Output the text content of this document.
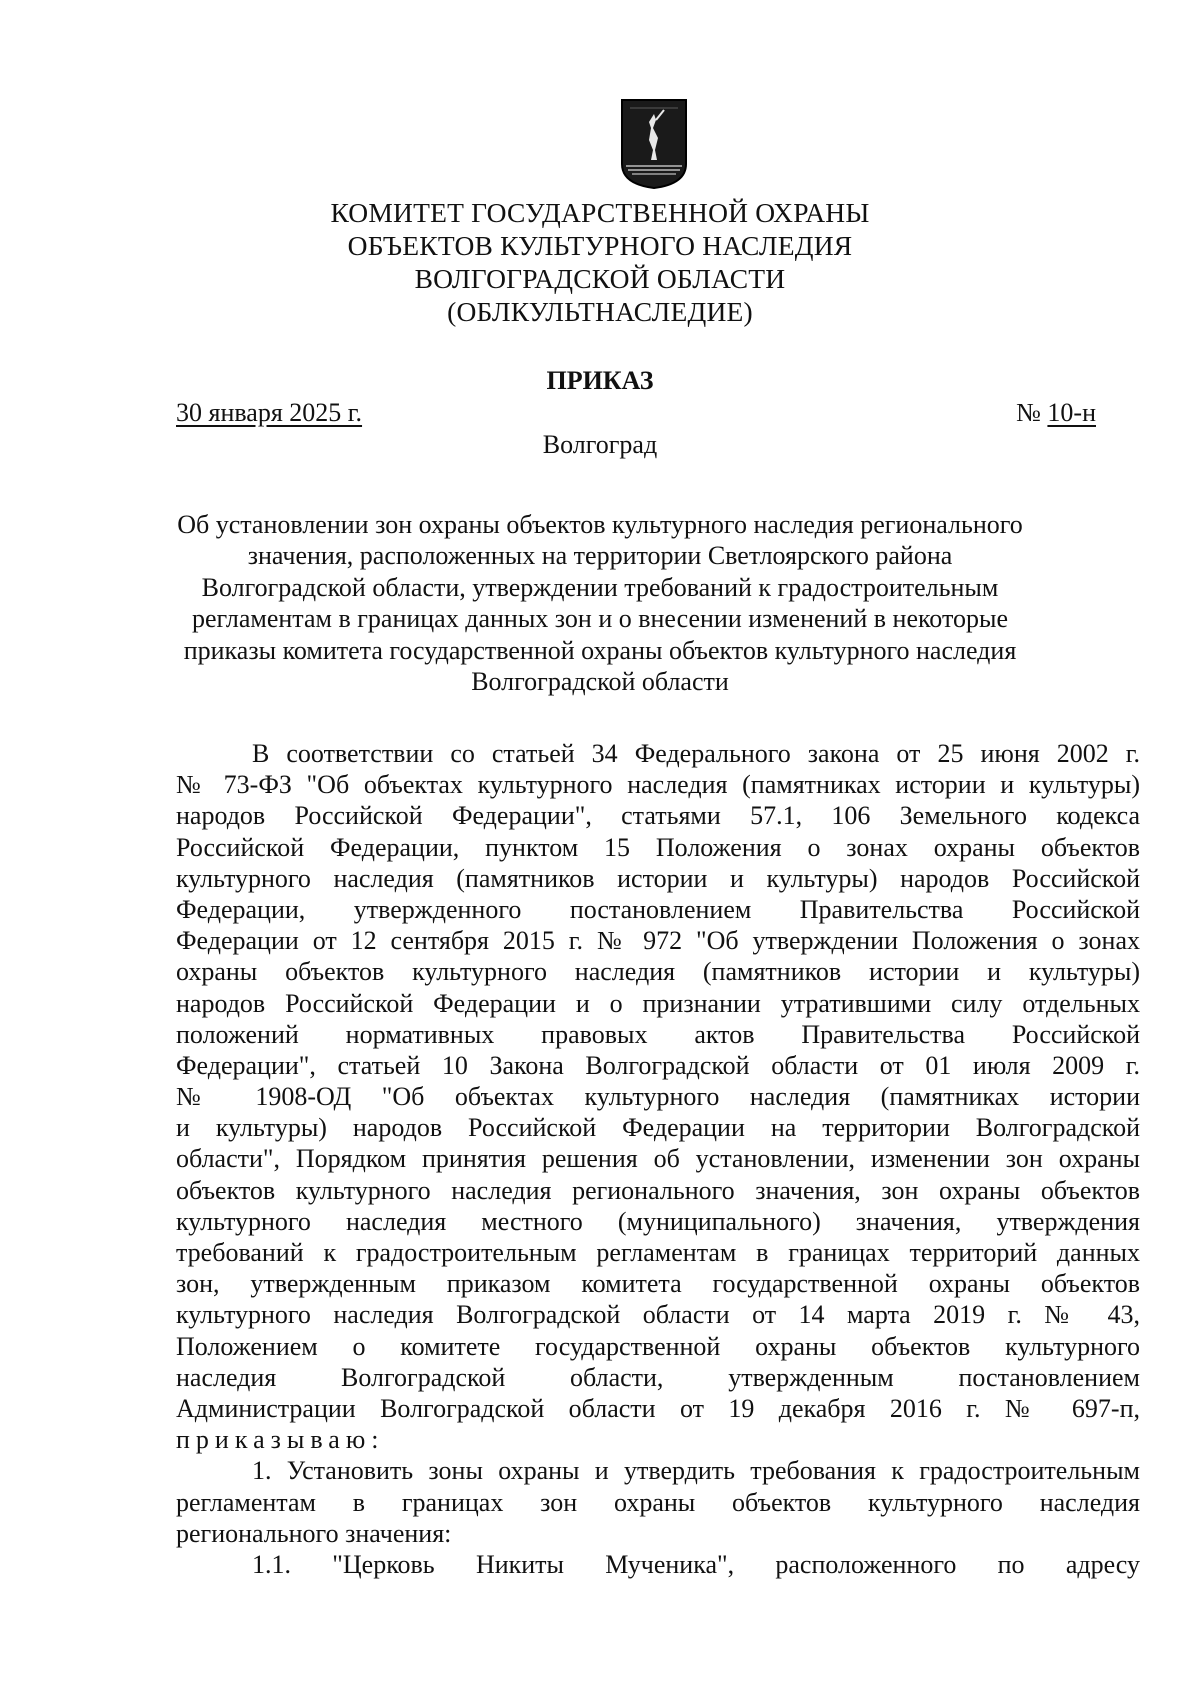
КОМИТЕТ ГОСУДАРСТВЕННОЙ ОХРАНЫ
ОБЪЕКТОВ КУЛЬТУРНОГО НАСЛЕДИЯ
ВОЛГОГРАДСКОЙ ОБЛАСТИ
(ОБЛКУЛЬТНАСЛЕДИЕ)
ПРИКАЗ
30 января 2025 г.	№ 10-н
Волгоград
Об установлении зон охраны объектов культурного наследия регионального
значения, расположенных на территории Светлоярского района
Волгоградской области, утверждении требований к градостроительным
регламентам в границах данных зон и о внесении изменений в некоторые
приказы комитета государственной охраны объектов культурного наследия
Волгоградской области
В соответствии со статьей 34 Федерального закона от 25 июня 2002 г.
№ 73-ФЗ "Об объектах культурного наследия (памятниках истории и культуры)
народов Российской Федерации", статьями 57.1, 106 Земельного кодекса
Российской Федерации, пунктом 15 Положения о зонах охраны объектов
культурного наследия (памятников истории и культуры) народов Российской
Федерации, утвержденного постановлением Правительства Российской
Федерации от 12 сентября 2015 г. № 972 "Об утверждении Положения о зонах
охраны объектов культурного наследия (памятников истории и культуры)
народов Российской Федерации и о признании утратившими силу отдельных
положений нормативных правовых актов Правительства Российской
Федерации", статьей 10 Закона Волгоградской области от 01 июля 2009 г.
№ 1908-ОД "Об объектах культурного наследия (памятниках истории
и культуры) народов Российской Федерации на территории Волгоградской
области", Порядком принятия решения об установлении, изменении зон охраны
объектов культурного наследия регионального значения, зон охраны объектов
культурного наследия местного (муниципального) значения, утверждения
требований к градостроительным регламентам в границах территорий данных
зон, утвержденным приказом комитета государственной охраны объектов
культурного наследия Волгоградской области от 14 марта 2019 г. № 43,
Положением о комитете государственной охраны объектов культурного
наследия Волгоградской области, утвержденным постановлением
Администрации Волгоградской области от 19 декабря 2016 г. № 697-п,
приказываю:
1. Установить зоны охраны и утвердить требования к градостроительным
регламентам в границах зон охраны объектов культурного наследия
регионального значения:
1.1. "Церковь Никиты Мученика", расположенного по адресу
